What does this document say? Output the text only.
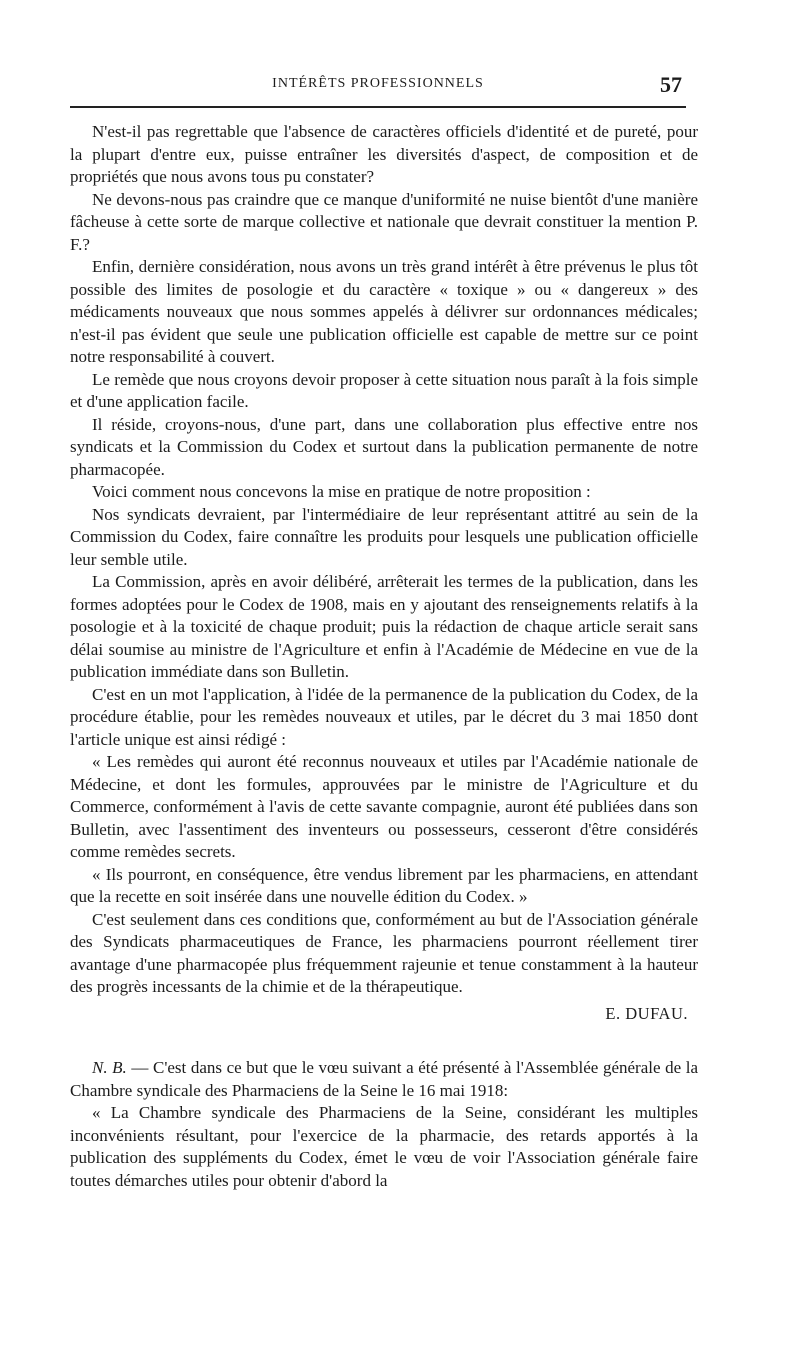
INTÉRÊTS PROFESSIONNELS	57

N'est-il pas regrettable que l'absence de caractères officiels d'identité et de pureté, pour la plupart d'entre eux, puisse entraîner les diversités d'aspect, de composition et de propriétés que nous avons tous pu constater?

Ne devons-nous pas craindre que ce manque d'uniformité ne nuise bientôt d'une manière fâcheuse à cette sorte de marque collective et nationale que devrait constituer la mention P. F.?

Enfin, dernière considération, nous avons un très grand intérêt à être prévenus le plus tôt possible des limites de posologie et du caractère « toxique » ou « dangereux » des médicaments nouveaux que nous sommes appelés à délivrer sur ordonnances médicales; n'est-il pas évident que seule une publication officielle est capable de mettre sur ce point notre responsabilité à couvert.

Le remède que nous croyons devoir proposer à cette situation nous paraît à la fois simple et d'une application facile.

Il réside, croyons-nous, d'une part, dans une collaboration plus effective entre nos syndicats et la Commission du Codex et surtout dans la publication permanente de notre pharmacopée.

Voici comment nous concevons la mise en pratique de notre proposition :

Nos syndicats devraient, par l'intermédiaire de leur représentant attitré au sein de la Commission du Codex, faire connaître les produits pour lesquels une publication officielle leur semble utile.

La Commission, après en avoir délibéré, arrêterait les termes de la publication, dans les formes adoptées pour le Codex de 1908, mais en y ajoutant des renseignements relatifs à la posologie et à la toxicité de chaque produit; puis la rédaction de chaque article serait sans délai soumise au ministre de l'Agriculture et enfin à l'Académie de Médecine en vue de la publication immédiate dans son Bulletin.

C'est en un mot l'application, à l'idée de la permanence de la publication du Codex, de la procédure établie, pour les remèdes nouveaux et utiles, par le décret du 3 mai 1850 dont l'article unique est ainsi rédigé :

« Les remèdes qui auront été reconnus nouveaux et utiles par l'Académie nationale de Médecine, et dont les formules, approuvées par le ministre de l'Agriculture et du Commerce, conformément à l'avis de cette savante compagnie, auront été publiées dans son Bulletin, avec l'assentiment des inventeurs ou possesseurs, cesseront d'être considérés comme remèdes secrets.

« Ils pourront, en conséquence, être vendus librement par les pharmaciens, en attendant que la recette en soit insérée dans une nouvelle édition du Codex. »

C'est seulement dans ces conditions que, conformément au but de l'Association générale des Syndicats pharmaceutiques de France, les pharmaciens pourront réellement tirer avantage d'une pharmacopée plus fréquemment rajeunie et tenue constamment à la hauteur des progrès incessants de la chimie et de la thérapeutique.

E. DUFAU.

N. B. — C'est dans ce but que le vœu suivant a été présenté à l'Assemblée générale de la Chambre syndicale des Pharmaciens de la Seine le 16 mai 1918:

« La Chambre syndicale des Pharmaciens de la Seine, considérant les multiples inconvénients résultant, pour l'exercice de la pharmacie, des retards apportés à la publication des suppléments du Codex, émet le vœu de voir l'Association générale faire toutes démarches utiles pour obtenir d'abord la
